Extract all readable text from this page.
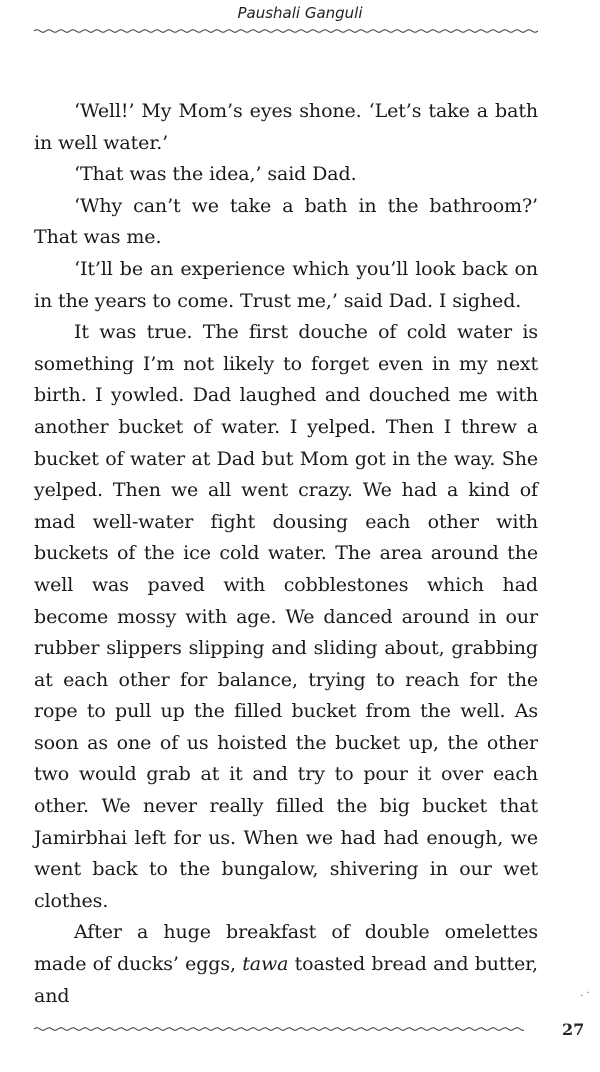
Paushali Ganguli

‘Well!’ My Mom’s eyes shone. ‘Let’s take a bath in well water.’

‘That was the idea,’ said Dad.

‘Why can’t we take a bath in the bathroom?’ That was me.

‘It’ll be an experience which you’ll look back on in the years to come. Trust me,’ said Dad. I sighed.

It was true. The first douche of cold water is something I’m not likely to forget even in my next birth. I yowled. Dad laughed and douched me with another bucket of water. I yelped. Then I threw a bucket of water at Dad but Mom got in the way. She yelped. Then we all went crazy. We had a kind of mad well-water fight dousing each other with buckets of the ice cold water. The area around the well was paved with cobblestones which had become mossy with age. We danced around in our rubber slippers slipping and sliding about, grabbing at each other for balance, trying to reach for the rope to pull up the filled bucket from the well. As soon as one of us hoisted the bucket up, the other two would grab at it and try to pour it over each other. We never really filled the big bucket that Jamirbhai left for us. When we had had enough, we went back to the bungalow, shivering in our wet clothes.

After a huge breakfast of double omelettes made of ducks’ eggs, tawa toasted bread and butter, and	. ·
27
